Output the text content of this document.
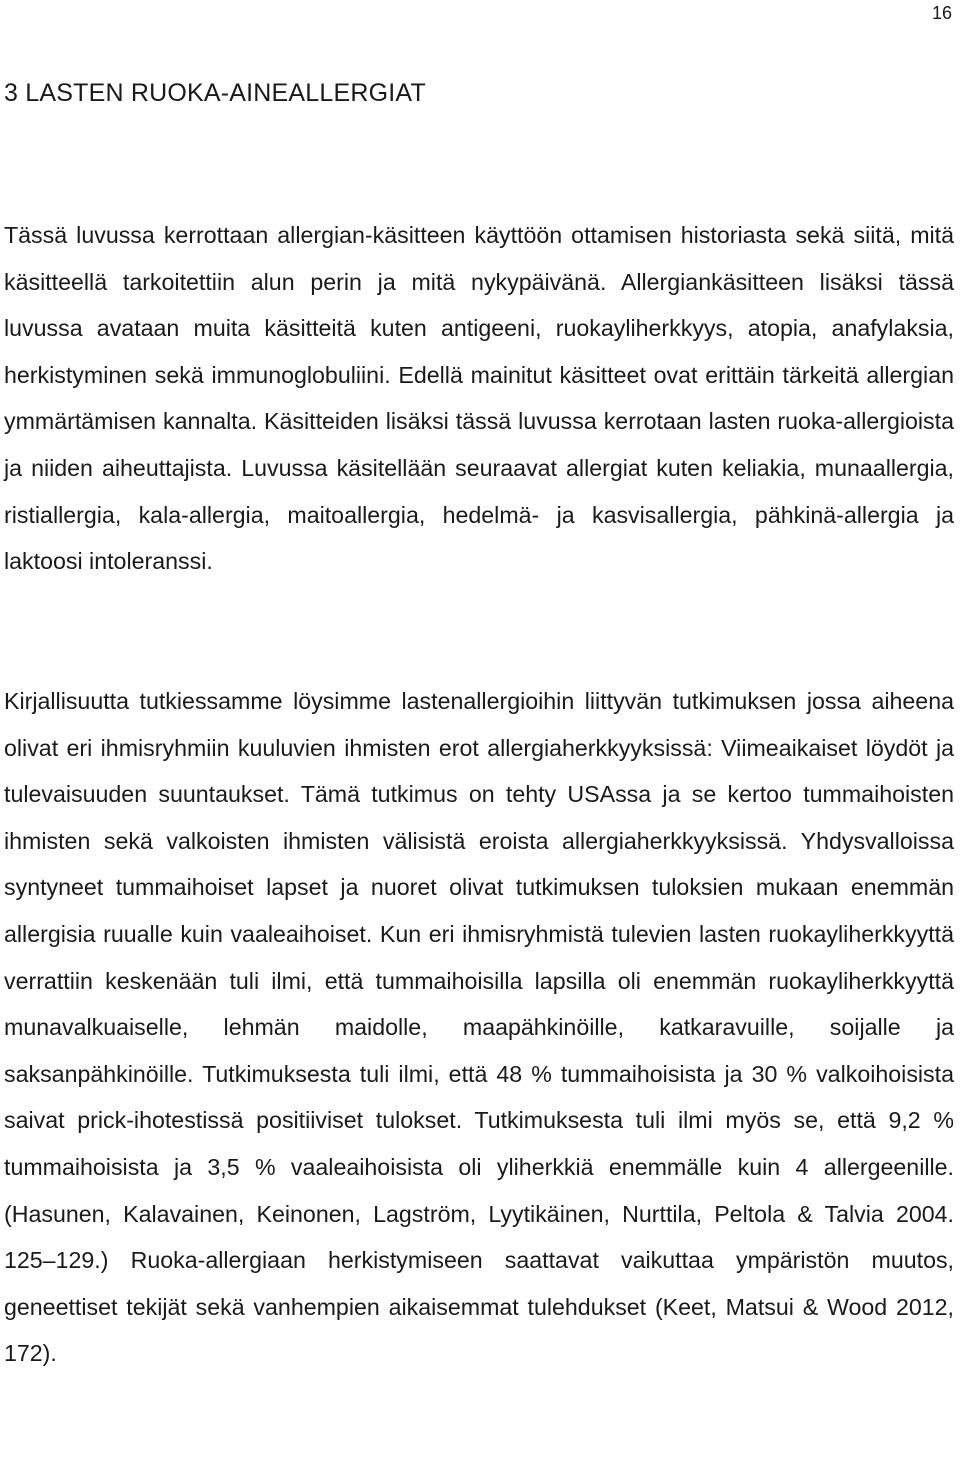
16
3 LASTEN RUOKA-AINEALLERGIAT

Tässä luvussa kerrottaan allergian-käsitteen käyttöön ottamisen historiasta sekä siitä, mitä käsitteellä tarkoitettiin alun perin ja mitä nykypäivänä. Allergiankäsitteen lisäksi tässä luvussa avataan muita käsitteitä kuten antigeeni, ruokayliherkkyys, atopia, anafylaksia, herkistyminen sekä immunoglobuliini. Edellä mainitut käsitteet ovat erittäin tärkeitä allergian ymmärtämisen kannalta. Käsitteiden lisäksi tässä luvussa kerrotaan lasten ruoka-allergioista ja niiden aiheuttajista. Luvussa käsitellään seuraavat allergiat kuten keliakia, munaallergia, ristiallergia, kala-allergia, maitoallergia, hedelmä- ja kasvisallergia, pähkinä-allergia ja laktoosi intoleranssi.

Kirjallisuutta tutkiessamme löysimme lastenallergioihin liittyvän tutkimuksen jossa aiheena olivat eri ihmisryhmiin kuuluvien ihmisten erot allergiaherkkyyksissä: Viimeaikaiset löydöt ja tulevaisuuden suuntaukset. Tämä tutkimus on tehty USAssa ja se kertoo tummaihoisten ihmisten sekä valkoisten ihmisten välisistä eroista allergiaherkkyyksissä. Yhdysvalloissa syntyneet tummaihoiset lapset ja nuoret olivat tutkimuksen tuloksien mukaan enemmän allergisia ruualle kuin vaaleaihoiset. Kun eri ihmisryhmistä tulevien lasten ruokayliherkkyyttä verrattiin keskenään tuli ilmi, että tummaihoisilla lapsilla oli enemmän ruokayliherkkyyttä munavalkuaiselle, lehmän maidolle, maapähkinöille, katkaravuille, soijalle ja saksanpähkinöille. Tutkimuksesta tuli ilmi, että 48 % tummaihoisista ja 30 % valkoihoisista saivat prick-ihotestissä positiiviset tulokset. Tutkimuksesta tuli ilmi myös se, että 9,2 % tummaihoisista ja 3,5 % vaaleaihoisista oli yliherkkiä enemmälle kuin 4 allergeenille. (Hasunen, Kalavainen, Keinonen, Lagström, Lyytikäinen, Nurttila, Peltola & Talvia 2004. 125–129.) Ruoka-allergiaan herkistymiseen saattavat vaikuttaa ympäristön muutos, geneettiset tekijät sekä vanhempien aikaisemmat tulehdukset (Keet, Matsui & Wood 2012, 172).
